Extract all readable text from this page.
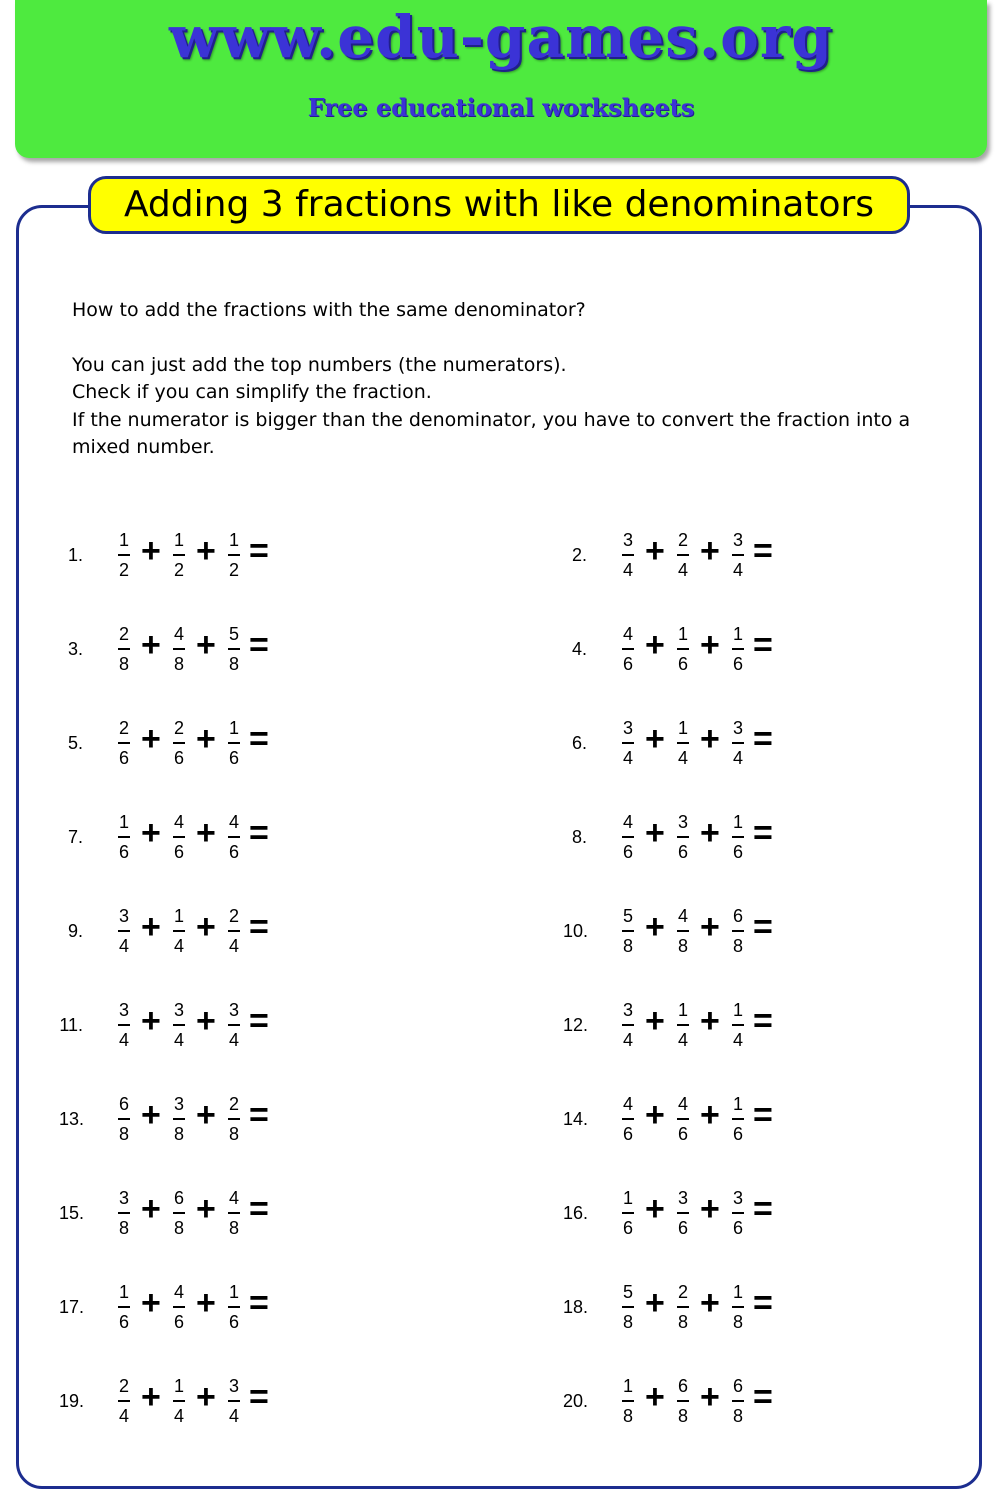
www.edu-games.org
Free educational worksheets
Adding 3 fractions with like denominators

How to add the fractions with the same denominator?

You can just add the top numbers (the numerators).

Check if you can simplify the fraction.

If the numerator is bigger than the denominator, you have to convert the fraction into a mixed number.

1.
1
2 + 1
2 + 1
2 =	2.
3
4 + 2
4 + 3
4 =
3.
2
8 + 4
8 + 5
8 =	4.
4
6 + 1
6 + 1
6 =
5.
2
6 + 2
6 + 1
6 =	6.
3
4 + 1
4 + 3
4 =
7.
1
6 + 4
6 + 4
6 =	8.
4
6 + 3
6 + 1
6 =
9.
3
4 + 1
4 + 2
4 =	10.
5
8 + 4
8 + 6
8 =
11.
3
4 + 3
4 + 3
4 =	12.
3
4 + 1
4 + 1
4 =
13.
6
8 + 3
8 + 2
8 =	14.
4
6 + 4
6 + 1
6 =
15.
3
8 + 6
8 + 4
8 =	16.
1
6 + 3
6 + 3
6 =
17.
1
6 + 4
6 + 1
6 =	18.
5
8 + 2
8 + 1
8 =
19.
2
4 + 1
4 + 3
4 =	20.
1
8 + 6
8 + 6
8 =
